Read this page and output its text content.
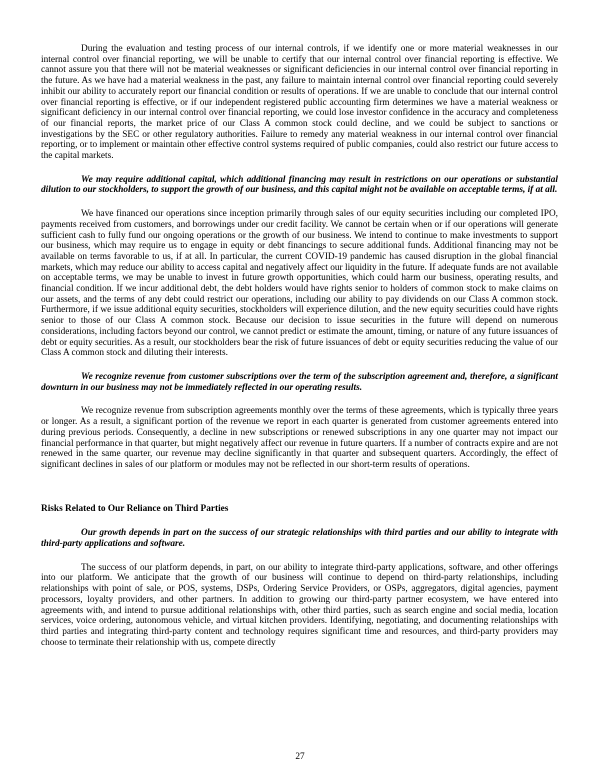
During the evaluation and testing process of our internal controls, if we identify one or more material weaknesses in our internal control over financial reporting, we will be unable to certify that our internal control over financial reporting is effective. We cannot assure you that there will not be material weaknesses or significant deficiencies in our internal control over financial reporting in the future. As we have had a material weakness in the past, any failure to maintain internal control over financial reporting could severely inhibit our ability to accurately report our financial condition or results of operations. If we are unable to conclude that our internal control over financial reporting is effective, or if our independent registered public accounting firm determines we have a material weakness or significant deficiency in our internal control over financial reporting, we could lose investor confidence in the accuracy and completeness of our financial reports, the market price of our Class A common stock could decline, and we could be subject to sanctions or investigations by the SEC or other regulatory authorities. Failure to remedy any material weakness in our internal control over financial reporting, or to implement or maintain other effective control systems required of public companies, could also restrict our future access to the capital markets.

We may require additional capital, which additional financing may result in restrictions on our operations or substantial dilution to our stockholders, to support the growth of our business, and this capital might not be available on acceptable terms, if at all.

We have financed our operations since inception primarily through sales of our equity securities including our completed IPO, payments received from customers, and borrowings under our credit facility. We cannot be certain when or if our operations will generate sufficient cash to fully fund our ongoing operations or the growth of our business. We intend to continue to make investments to support our business, which may require us to engage in equity or debt financings to secure additional funds. Additional financing may not be available on terms favorable to us, if at all. In particular, the current COVID-19 pandemic has caused disruption in the global financial markets, which may reduce our ability to access capital and negatively affect our liquidity in the future. If adequate funds are not available on acceptable terms, we may be unable to invest in future growth opportunities, which could harm our business, operating results, and financial condition. If we incur additional debt, the debt holders would have rights senior to holders of common stock to make claims on our assets, and the terms of any debt could restrict our operations, including our ability to pay dividends on our Class A common stock. Furthermore, if we issue additional equity securities, stockholders will experience dilution, and the new equity securities could have rights senior to those of our Class A common stock. Because our decision to issue securities in the future will depend on numerous considerations, including factors beyond our control, we cannot predict or estimate the amount, timing, or nature of any future issuances of debt or equity securities. As a result, our stockholders bear the risk of future issuances of debt or equity securities reducing the value of our Class A common stock and diluting their interests.

We recognize revenue from customer subscriptions over the term of the subscription agreement and, therefore, a significant downturn in our business may not be immediately reflected in our operating results.

We recognize revenue from subscription agreements monthly over the terms of these agreements, which is typically three years or longer. As a result, a significant portion of the revenue we report in each quarter is generated from customer agreements entered into during previous periods. Consequently, a decline in new subscriptions or renewed subscriptions in any one quarter may not impact our financial performance in that quarter, but might negatively affect our revenue in future quarters. If a number of contracts expire and are not renewed in the same quarter, our revenue may decline significantly in that quarter and subsequent quarters. Accordingly, the effect of significant declines in sales of our platform or modules may not be reflected in our short-term results of operations.

Risks Related to Our Reliance on Third Parties

Our growth depends in part on the success of our strategic relationships with third parties and our ability to integrate with third-party applications and software.

The success of our platform depends, in part, on our ability to integrate third-party applications, software, and other offerings into our platform. We anticipate that the growth of our business will continue to depend on third-party relationships, including relationships with point of sale, or POS, systems, DSPs, Ordering Service Providers, or OSPs, aggregators, digital agencies, payment processors, loyalty providers, and other partners. In addition to growing our third-party partner ecosystem, we have entered into agreements with, and intend to pursue additional relationships with, other third parties, such as search engine and social media, location services, voice ordering, autonomous vehicle, and virtual kitchen providers. Identifying, negotiating, and documenting relationships with third parties and integrating third-party content and technology requires significant time and resources, and third-party providers may choose to terminate their relationship with us, compete directly

27
